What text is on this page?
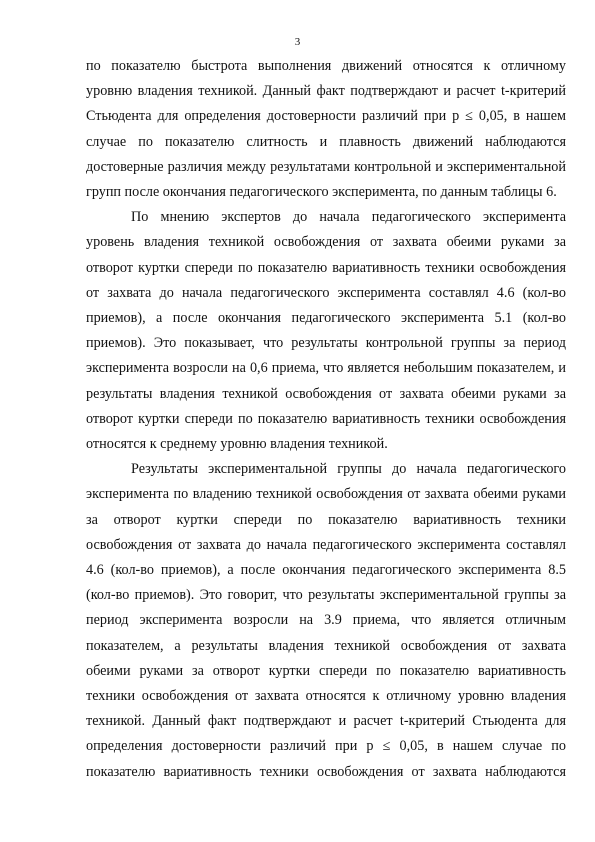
3
по показателю быстрота выполнения движений относятся к отличному
уровню владения техникой. Данный факт подтверждают и расчет t-критерий
Стьюдента для определения достоверности различий при p ≤ 0,05, в нашем
случае по показателю слитность и плавность движений наблюдаются
достоверные различия между результатами контрольной и экспериментальной
групп после окончания педагогического эксперимента, по данным таблицы 6.
По мнению экспертов до начала педагогического эксперимента
уровень владения техникой освобождения от захвата обеими руками за
отворот куртки спереди по показателю вариативность техники освобождения
от захвата до начала педагогического эксперимента составлял 4.6 (кол-во
приемов), а после окончания педагогического эксперимента 5.1 (кол-во
приемов). Это показывает, что результаты контрольной группы за период
эксперимента возросли на 0,6 приема, что является небольшим показателем, и
результаты владения техникой освобождения от захвата обеими руками за
отворот куртки спереди по показателю вариативность техники освобождения
относятся к среднему уровню владения техникой.
Результаты экспериментальной группы до начала педагогического
эксперимента по владению техникой освобождения от захвата обеими руками
за отворот куртки спереди по показателю вариативность техники
освобождения от захвата до начала педагогического эксперимента составлял
4.6 (кол-во приемов), а после окончания педагогического эксперимента 8.5
(кол-во приемов). Это говорит, что результаты экспериментальной группы за
период эксперимента возросли на 3.9 приема, что является отличным
показателем, а результаты владения техникой освобождения от захвата
обеими руками за отворот куртки спереди по показателю вариативность
техники освобождения от захвата относятся к отличному уровню владения
техникой. Данный факт подтверждают и расчет t-критерий Стьюдента для
определения достоверности различий при p ≤ 0,05, в нашем случае по
показателю вариативность техники освобождения от захвата наблюдаются
